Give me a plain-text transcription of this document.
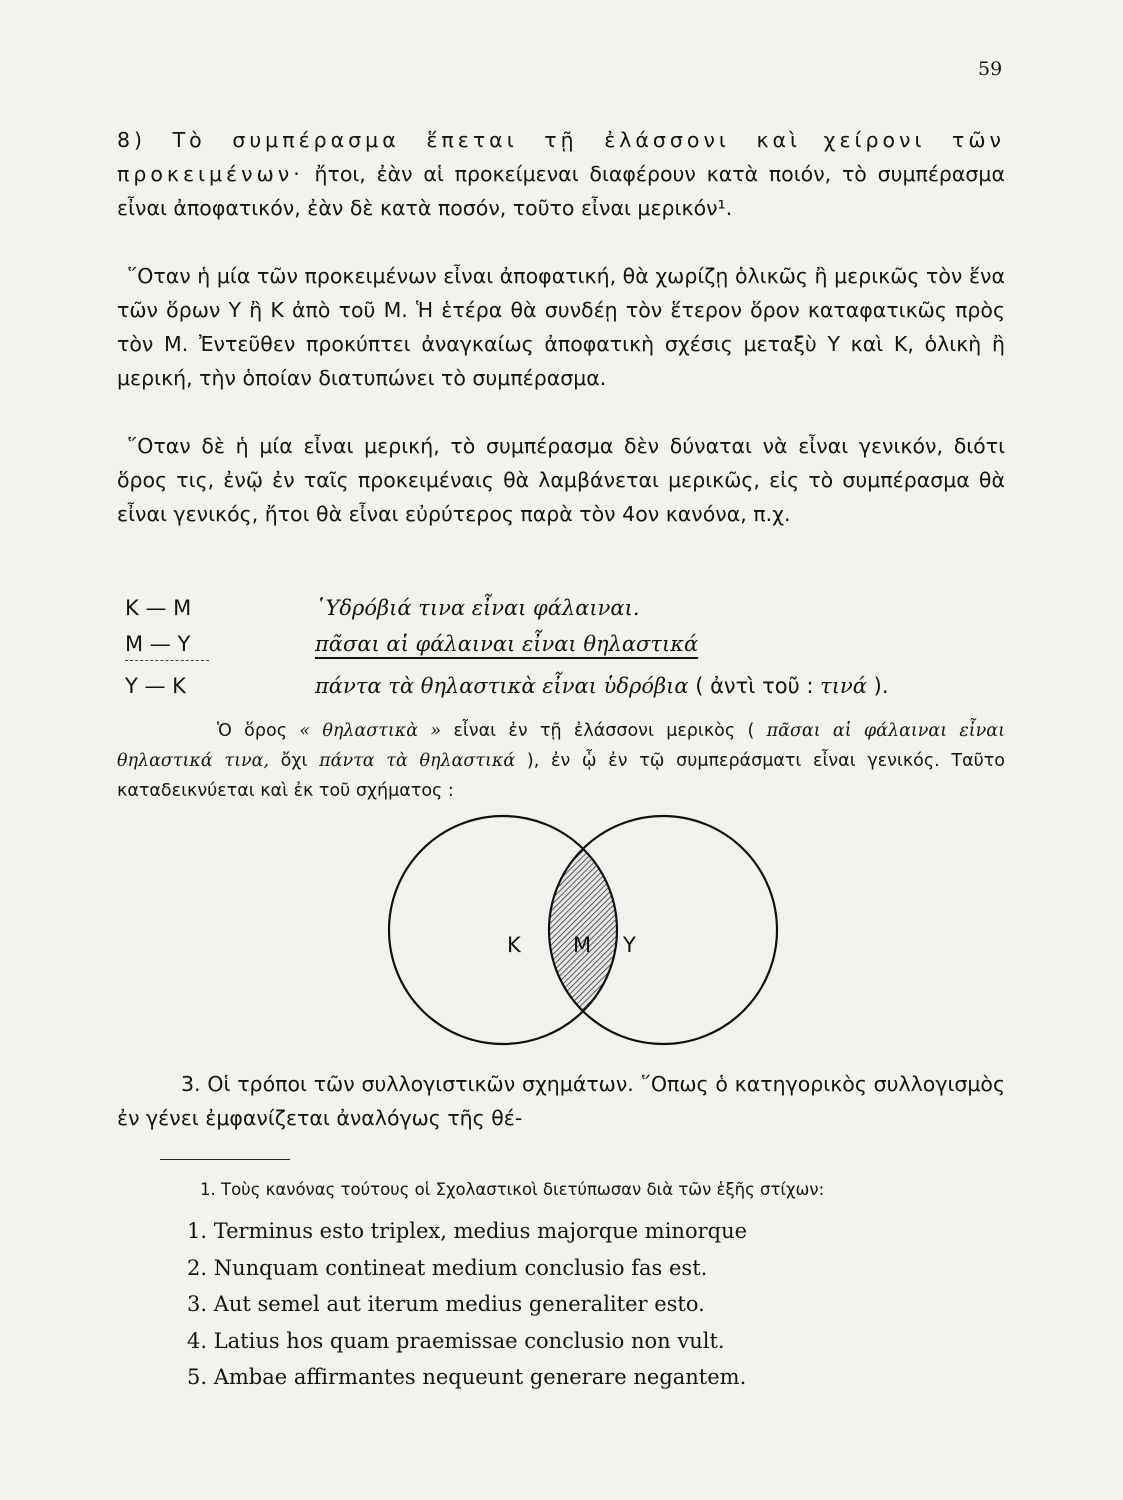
59

8) Τὸ συμπέρασμα ἕπεται τῇ ἐλάσσονι καὶ χείρονι τῶν προκειμένων· ἤτοι, ἐὰν αἱ προκείμεναι διαφέρουν κατὰ ποιόν, τὸ συμπέρασμα εἶναι ἀποφατικόν, ἐὰν δὲ κατὰ ποσόν, τοῦτο εἶναι μερικόν¹.

῞Οταν ἡ μία τῶν προκειμένων εἶναι ἀποφατική, θὰ χωρίζῃ ὁλικῶς ἢ μερικῶς τὸν ἕνα τῶν ὅρων Υ ἢ Κ ἀπὸ τοῦ Μ. Ἡ ἑτέρα θὰ συνδέῃ τὸν ἕτερον ὅρον καταφατικῶς πρὸς τὸν Μ. Ἐντεῦθεν προκύπτει ἀναγκαίως ἀποφατικὴ σχέσις μεταξὺ Υ καὶ Κ, ὁλικὴ ἢ μερική, τὴν ὁποίαν διατυπώνει τὸ συμπέρασμα.

῞Οταν δὲ ἡ μία εἶναι μερική, τὸ συμπέρασμα δὲν δύναται νὰ εἶναι γενικόν, διότι ὅρος τις, ἐνῷ ἐν ταῖς προκειμέναις θὰ λαμβάνεται μερικῶς, εἰς τὸ συμπέρασμα θὰ εἶναι γενικός, ἤτοι θὰ εἶναι εὐρύτερος παρὰ τὸν 4ον κανόνα, π.χ.

Κ — Μ	῾Υδρόβιά τινα εἶναι φάλαιναι.
Μ — Υ	πᾶσαι αἱ φάλαιναι εἶναι θηλαστικά
Υ — Κ	πάντα τὰ θηλαστικὰ εἶναι ὑδρόβια ( ἀντὶ τοῦ : τινά ).

Ὁ ὅρος « θηλαστικὰ » εἶναι ἐν τῇ ἐλάσσονι μερικὸς ( πᾶσαι αἱ φάλαιναι εἶναι θηλαστικά τινα, ὄχι πάντα τὰ θηλαστικά ), ἐν ᾧ ἐν τῷ συμπεράσματι εἶναι γενικός. Ταῦτο καταδεικνύεται καὶ ἐκ τοῦ σχήματος :

Κ Μ Υ

3. Οἱ τρόποι τῶν συλλογιστικῶν σχημάτων. ῞Οπως ὁ κατηγορικὸς συλλογισμὸς ἐν γένει ἐμφανίζεται ἀναλόγως τῆς θέ-

1. Τοὺς κανόνας τούτους οἱ Σχολαστικοὶ διετύπωσαν διὰ τῶν ἑξῆς στίχων:
1. Terminus esto triplex, medius majorque minorque
2. Nunquam contineat medium conclusio fas est.
3. Aut semel aut iterum medius generaliter esto.
4. Latius hos quam praemissae conclusio non vult.
5. Ambae affirmantes nequeunt generare negantem.
